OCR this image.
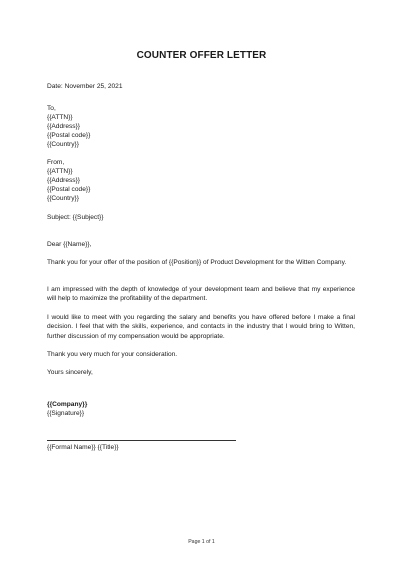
COUNTER OFFER LETTER
Date: November 25, 2021
To,
{{ATTN}}
{{Address}}
{{Postal code}}
{{Country}}
From,
{{ATTN}}
{{Address}}
{{Postal code}}
{{Country}}
Subject: {{Subject}}
Dear {{Name}},
Thank you for your offer of the position of {{Position}} of Product Development for the Witten Company.
I am impressed with the depth of knowledge of your development team and believe that my experience will help to maximize the profitability of the department.
I would like to meet with you regarding the salary and benefits you have offered before I make a final decision. I feel that with the skills, experience, and contacts in the industry that I would bring to Witten, further discussion of my compensation would be appropriate.
Thank you very much for your consideration.
Yours sincerely,
{{Company}}
{{Signature}}
{{Formal Name}} {{Title}}
Page 1 of 1
